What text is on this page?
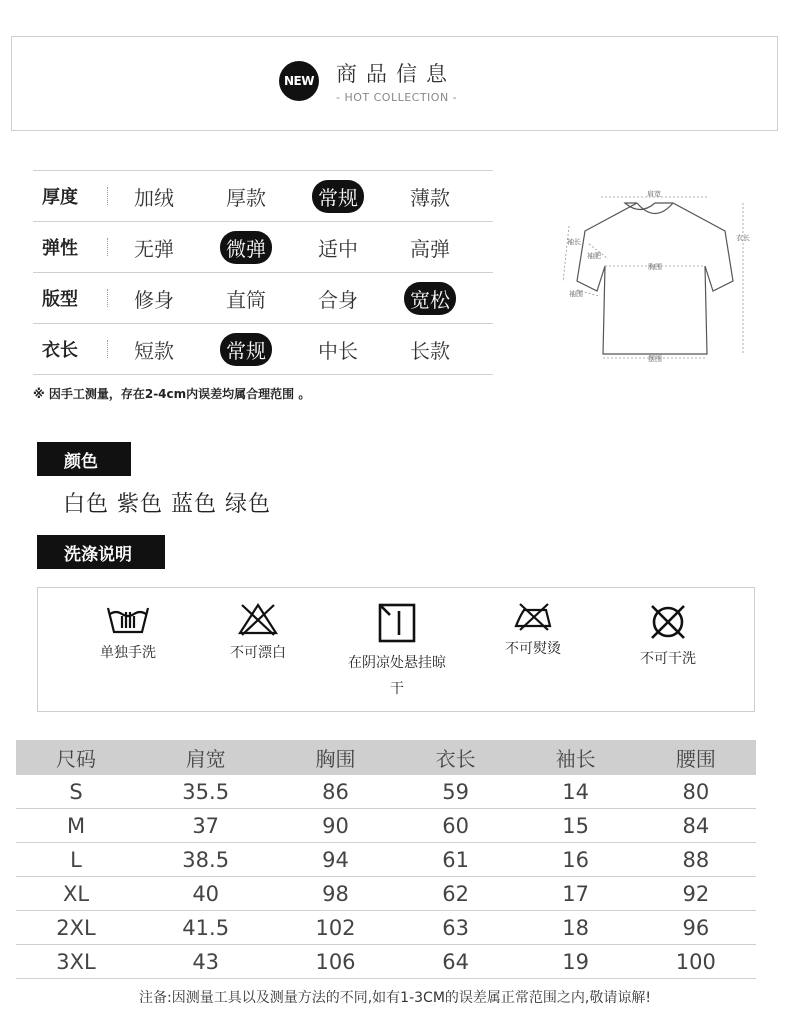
NEW 商品信息
- HOT COLLECTION -
厚度	加绒	厚款	常规	薄款
弹性	无弹	微弹	适中	高弹
版型	修身	直筒	合身	宽松
衣长	短款	常规	中长	长款
※ 因手工测量，存在2-4cm内误差均属合理范围 。
肩宽
袖长
袖肥
胸围
袖围
衣长
摆围
颜色
白色 紫色 蓝色 绿色
洗涤说明
单独手洗	不可漂白
在阴凉处悬挂晾干
不可熨烫
不可干洗
尺码	肩宽	胸围	衣长	袖长	腰围
S	35.5	86	59	14	80
M	37	90	60	15	84
L	38.5	94	61	16	88
XL	40	98	62	17	92
2XL	41.5	102	63	18	96
3XL	43	106	64	19	100
注备:因测量工具以及测量方法的不同,如有1-3CM的误差属正常范围之内,敬请谅解!
